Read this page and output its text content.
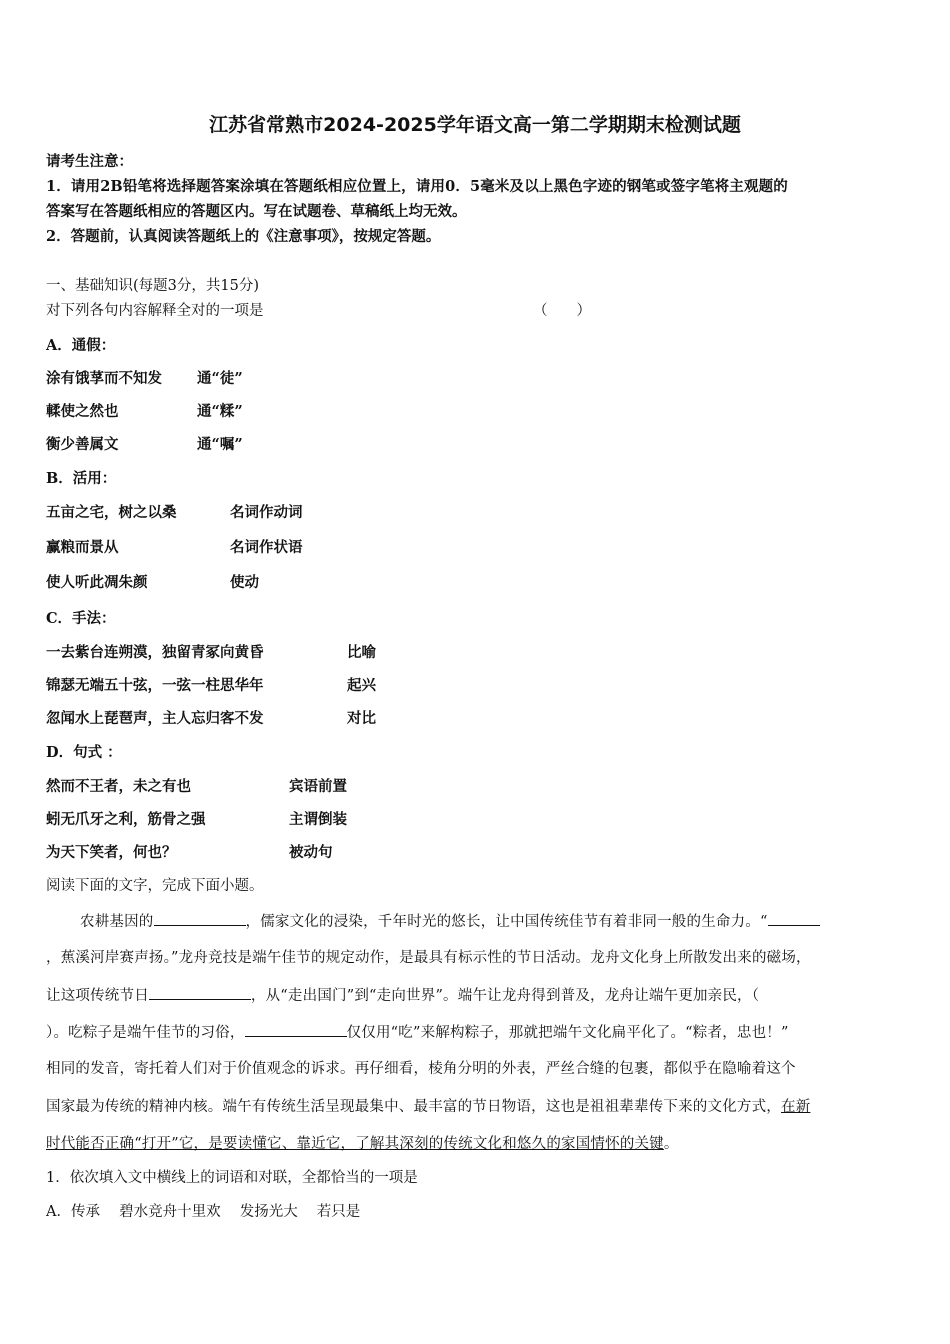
江苏省常熟市2024-2025学年语文高一第二学期期末检测试题
请考生注意：
1．请用2B铅笔将选择题答案涂填在答题纸相应位置上，请用0．5毫米及以上黑色字迹的钢笔或签字笔将主观题的
答案写在答题纸相应的答题区内。写在试题卷、草稿纸上均无效。
2．答题前，认真阅读答题纸上的《注意事项》，按规定答题。
一、基础知识(每题3分，共15分)
对下列各句内容解释全对的一项是	（　　）
A．通假：
涂有饿莩而不知发 通“徒”
輮使之然也	通“糅”
衡少善属文	通“嘱”
B．活用：
五亩之宅，树之以桑	名词作动词
赢粮而景从	名词作状语
使人听此凋朱颜	使动
C．手法：
一去紫台连朔漠，独留青冢向黄昏	比喻
锦瑟无端五十弦，一弦一柱思华年	起兴
忽闻水上琵琶声，主人忘归客不发	对比
D．句式 ：
然而不王者，未之有也	宾语前置
蚓无爪牙之利，筋骨之强	主谓倒装
为天下笑者，何也？	被动句
阅读下面的文字，完成下面小题。
农耕基因的	，儒家文化的浸染，千年时光的悠长，让中国传统佳节有着非同一般的生命力。“
，蕉溪河岸赛声扬。”龙舟竞技是端午佳节的规定动作，是最具有标示性的节日活动。龙舟文化身上所散发出来的磁场，
让这项传统节日	，从“走出国门”到“走向世界”。端午让龙舟得到普及，龙舟让端午更加亲民，（
）。吃粽子是端午佳节的习俗，	仅仅用“吃”来解构粽子，那就把端午文化扁平化了。“粽者，忠也！”
相同的发音，寄托着人们对于价值观念的诉求。再仔细看，棱角分明的外表，严丝合缝的包裹，都似乎在隐喻着这个
国家最为传统的精神内核。端午有传统生活呈现最集中、最丰富的节日物语，这也是祖祖辈辈传下来的文化方式，在新
时代能否正确“打开”它，是要读懂它、靠近它，了解其深刻的传统文化和悠久的家国情怀的关键。
1．依次填入文中横线上的词语和对联，全都恰当的一项是
A．传承　 碧水竞舟十里欢　 发扬光大　 若只是
